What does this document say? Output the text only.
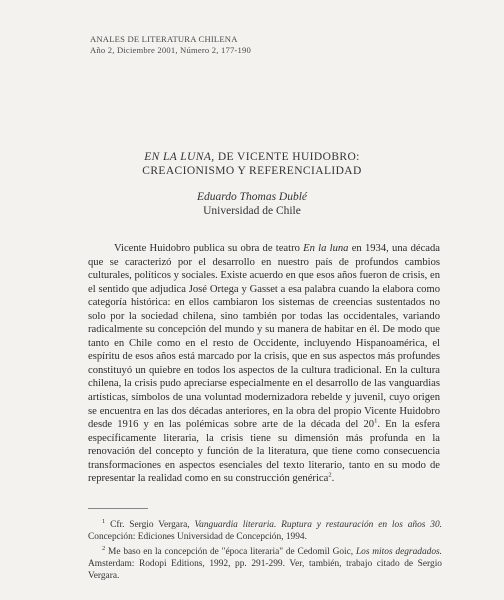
ANALES DE LITERATURA CHILENA
Año 2, Diciembre 2001, Número 2, 177-190
EN LA LUNA, DE VICENTE HUIDOBRO:
CREACIONISMO Y REFERENCIALIDAD
Eduardo Thomas Dublé
Universidad de Chile

Vicente Huidobro publica su obra de teatro En la luna en 1934, una década que se caracterizó por el desarrollo en nuestro país de profundos cambios culturales, políticos y sociales. Existe acuerdo en que esos años fueron de crisis, en el sentido que adjudica José Ortega y Gasset a esa palabra cuando la elabora como categoría histórica: en ellos cambiaron los sistemas de creencias sustentados no solo por la sociedad chilena, sino también por todas las occidentales, variando radicalmente su concepción del mundo y su manera de habitar en él. De modo que tanto en Chile como en el resto de Occidente, incluyendo Hispanoamérica, el espíritu de esos años está marcado por la crisis, que en sus aspectos más profundes constituyó un quiebre en todos los aspectos de la cultura tradicional. En la cultura chilena, la crisis pudo apreciarse especialmente en el desarrollo de las vanguardias artísticas, símbolos de una voluntad modernizadora rebelde y juvenil, cuyo origen se encuentra en las dos décadas anteriores, en la obra del propio Vicente Huidobro desde 1916 y en las polémicas sobre arte de la década del $20^1$. En la esfera específicamente literaria, la crisis tiene su dimensión más profunda en la renovación del concepto y función de la literatura, que tiene como consecuencia transformaciones en aspectos esenciales del texto literario, tanto en su modo de representar la realidad como en su construcción genérica$^2$.

$^1$ Cfr. Sergio Vergara, Vanguardia literaria. Ruptura y restauración en los años 30. Concepción: Ediciones Universidad de Concepción, 1994.

$^2$ Me baso en la concepción de "época literaria" de Cedomil Goic, Los mitos degradados. Amsterdam: Rodopi Editions, 1992, pp. 291-299. Ver, también, trabajo citado de Sergio Vergara.
